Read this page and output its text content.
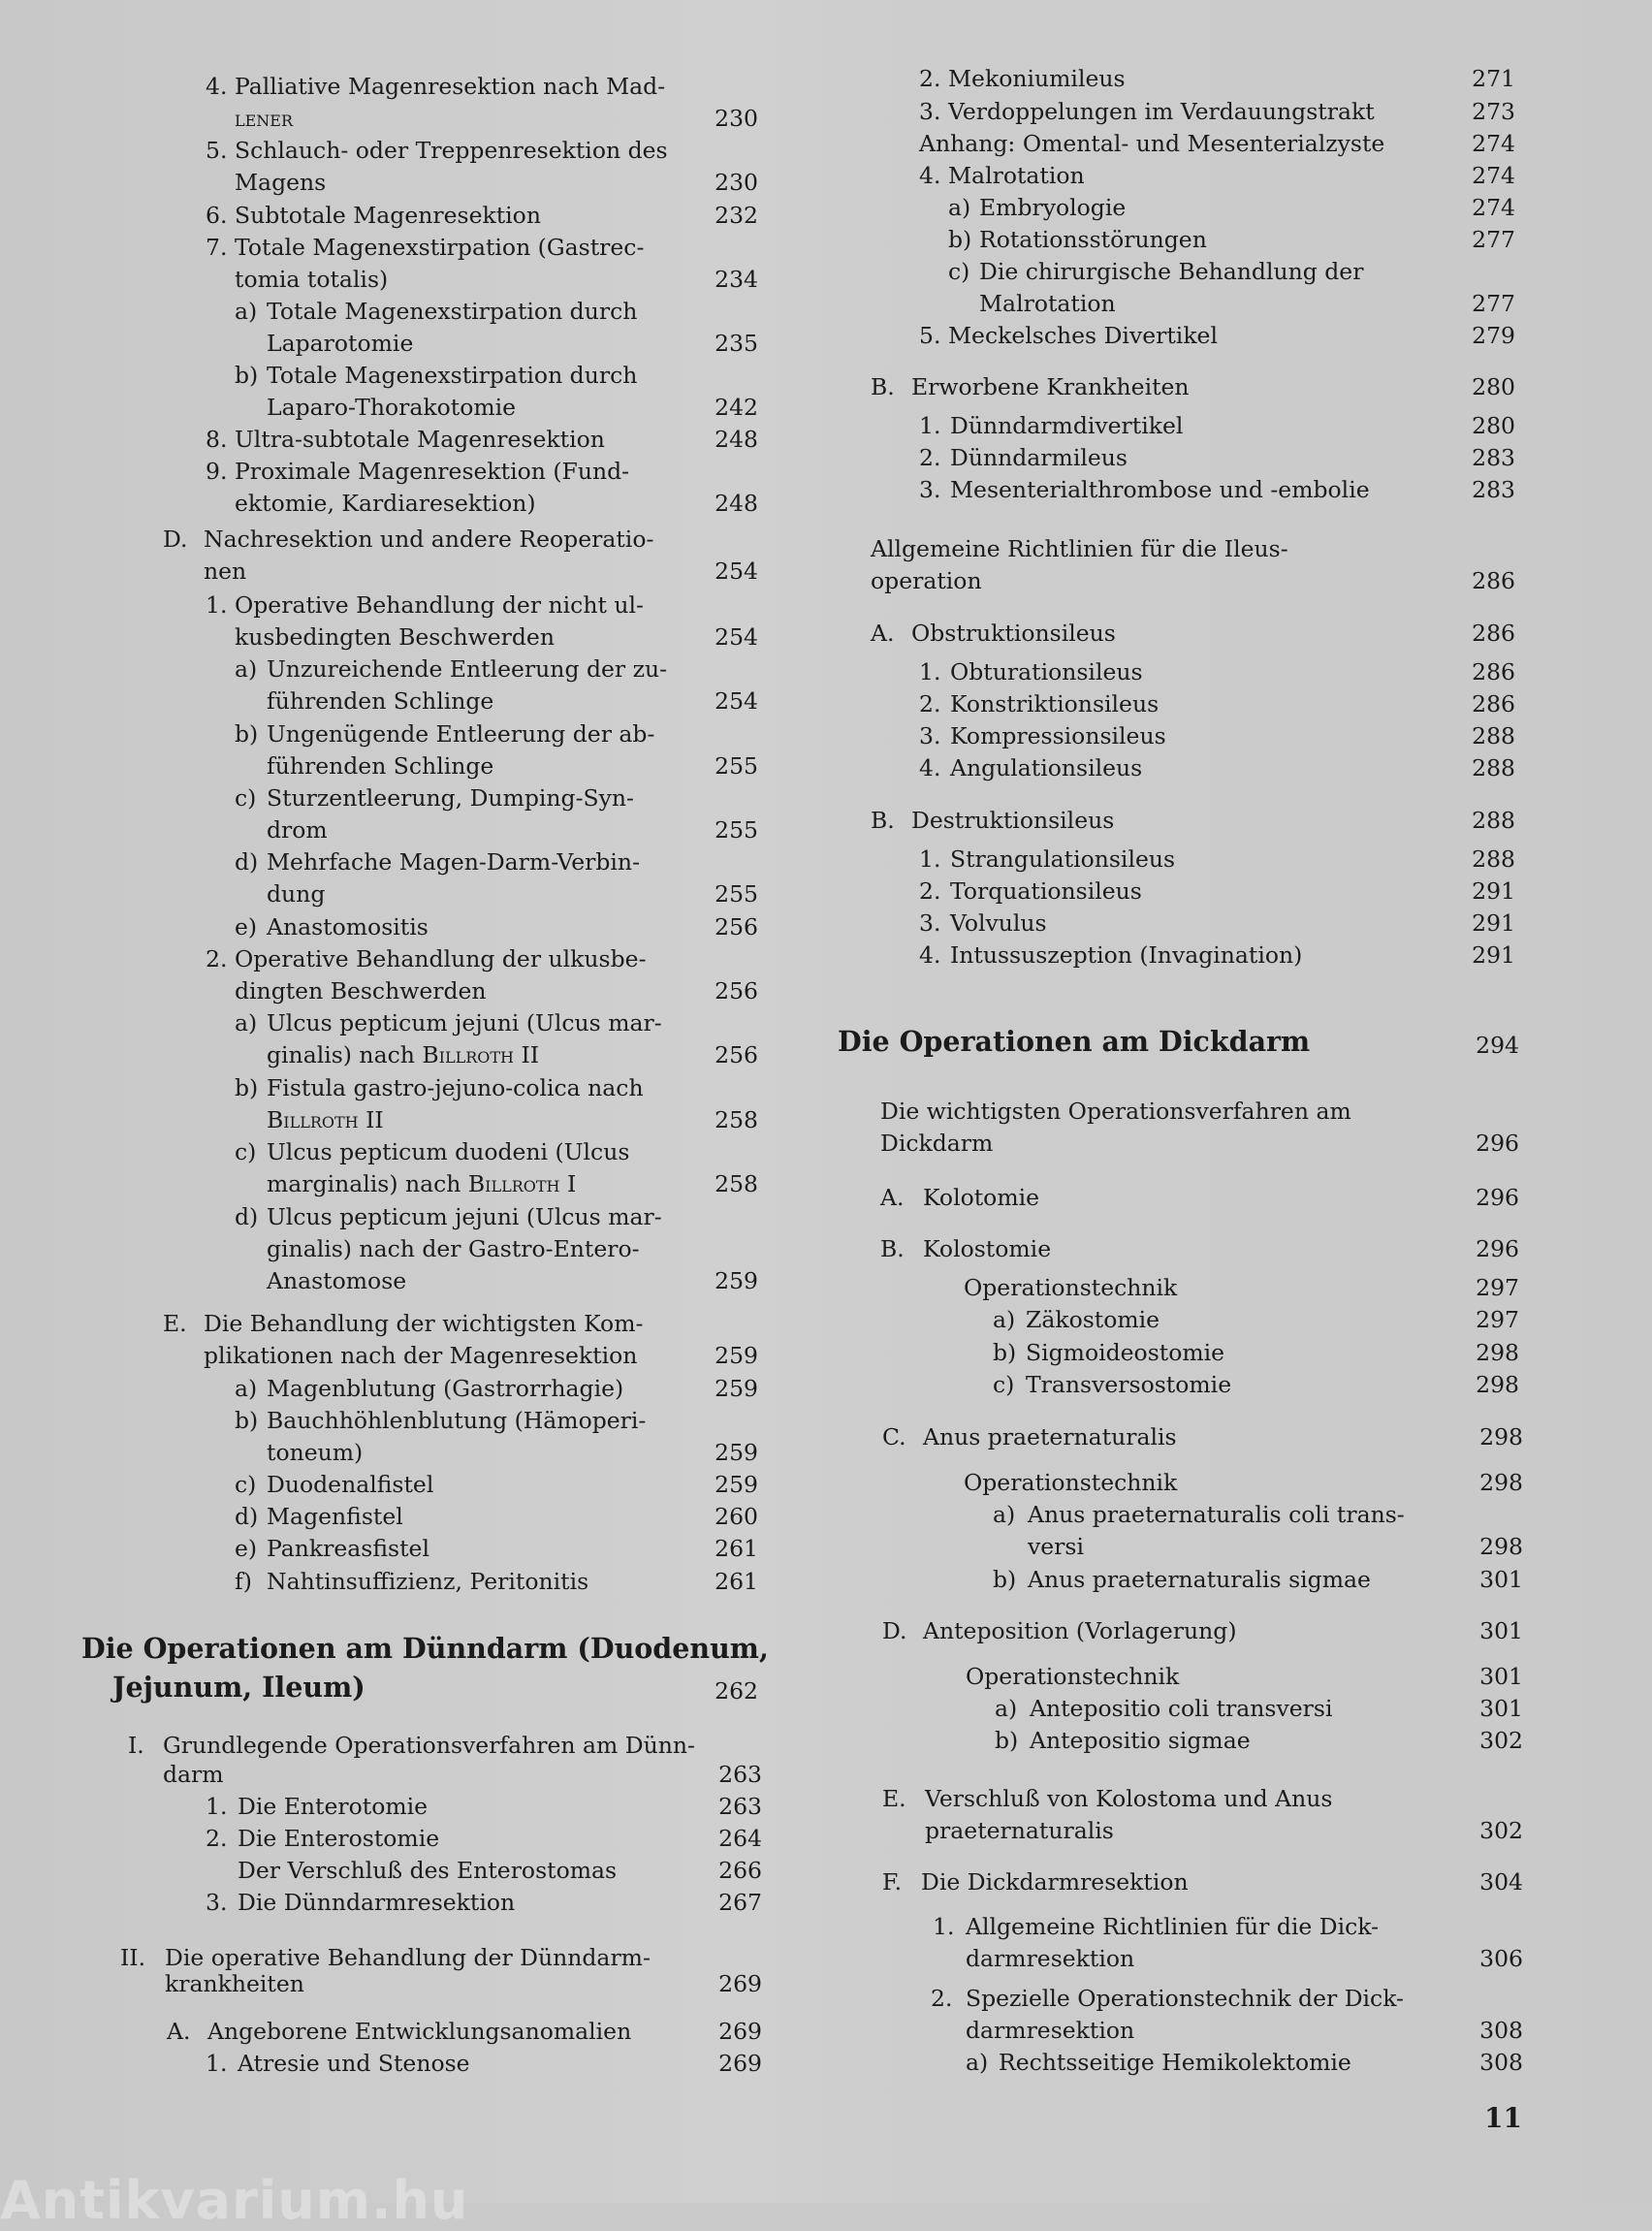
4. Palliative Magenresektion nach Mad-
lener	230
5. Schlauch- oder Treppenresektion des
Magens	230
6. Subtotale Magenresektion	232
7. Totale Magenexstirpation (Gastrec-
tomia totalis)	234
a) Totale Magenexstirpation durch
Laparotomie	235
b) Totale Magenexstirpation durch
Laparo-Thorakotomie	242
8. Ultra-subtotale Magenresektion	248
9. Proximale Magenresektion (Fund-
ektomie, Kardiaresektion)	248
D. Nachresektion und andere Reoperatio-
nen	254
1. Operative Behandlung der nicht ul-
kusbedingten Beschwerden	254
a) Unzureichende Entleerung der zu-
führenden Schlinge	254
b) Ungenügende Entleerung der ab-
führenden Schlinge	255
c) Sturzentleerung, Dumping-Syn-
drom	255
d) Mehrfache Magen-Darm-Verbin-
dung	255
e) Anastomositis	256
2. Operative Behandlung der ulkusbe-
dingten Beschwerden	256
a) Ulcus pepticum jejuni (Ulcus mar-
ginalis) nach Billroth II	256
b) Fistula gastro-jejuno-colica nach
Billroth II	258
c) Ulcus pepticum duodeni (Ulcus
marginalis) nach Billroth I	258
d) Ulcus pepticum jejuni (Ulcus mar-
ginalis) nach der Gastro-Entero-
Anastomose	259
E. Die Behandlung der wichtigsten Kom-
plikationen nach der Magenresektion	259
a) Magenblutung (Gastrorrhagie)	259
b) Bauchhöhlenblutung (Hämoperi-
toneum)	259
c) Duodenalfistel	259
d) Magenfistel	260
e) Pankreasfistel	261
f) Nahtinsuffizienz, Peritonitis	261
Die Operationen am Dünndarm (Duodenum,
Jejunum, Ileum)	262
I. Grundlegende Operationsverfahren am Dünn-
darm	263
1. Die Enterotomie	263
2. Die Enterostomie	264
Der Verschluß des Enterostomas	266
3. Die Dünndarmresektion	267
II. Die operative Behandlung der Dünndarm-
krankheiten	269
A. Angeborene Entwicklungsanomalien	269
1. Atresie und Stenose	269
2. Mekoniumileus	271
3. Verdoppelungen im Verdauungstrakt	273
Anhang: Omental- und Mesenterialzyste	274
4. Malrotation	274
a) Embryologie	274
b) Rotationsstörungen	277
c) Die chirurgische Behandlung der
Malrotation	277
5. Meckelsches Divertikel	279
B. Erworbene Krankheiten	280
1. Dünndarmdivertikel	280
2. Dünndarmileus	283
3. Mesenterialthrombose und -embolie	283
Allgemeine Richtlinien für die Ileus-
operation	286
A. Obstruktionsileus	286
1. Obturationsileus	286
2. Konstriktionsileus	286
3. Kompressionsileus	288
4. Angulationsileus	288
B. Destruktionsileus	288
1. Strangulationsileus	288
2. Torquationsileus	291
3. Volvulus	291
4. Intussuszeption (Invagination)	291
Die Operationen am Dickdarm	294
Die wichtigsten Operationsverfahren am
Dickdarm	296
A. Kolotomie	296
B. Kolostomie	296
Operationstechnik	297
a) Zäkostomie	297
b) Sigmoideostomie	298
c) Transversostomie	298
C. Anus praeternaturalis	298
Operationstechnik	298
a) Anus praeternaturalis coli trans-
versi	298
b) Anus praeternaturalis sigmae	301
D. Anteposition (Vorlagerung)	301
Operationstechnik	301
a) Antepositio coli transversi	301
b) Antepositio sigmae	302
E. Verschluß von Kolostoma und Anus
praeternaturalis	302
F. Die Dickdarmresektion	304
1. Allgemeine Richtlinien für die Dick-
darmresektion	306
2. Spezielle Operationstechnik der Dick-
darmresektion	308
a) Rechtsseitige Hemikolektomie	308
11
Antikvarium.hu
